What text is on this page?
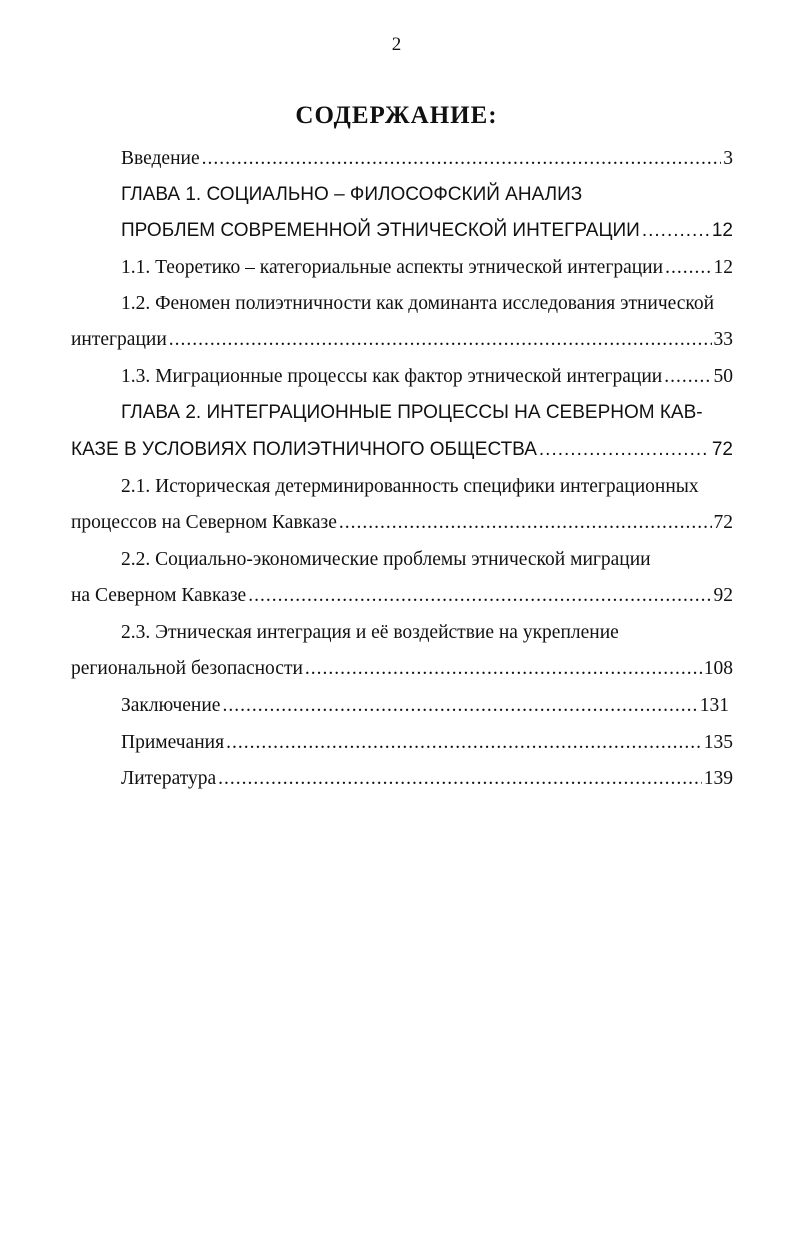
2
СОДЕРЖАНИЕ:
Введение .....	3
ГЛАВА 1. СОЦИАЛЬНО – ФИЛОСОФСКИЙ АНАЛИЗ
ПРОБЛЕМ СОВРЕМЕННОЙ ЭТНИЧЕСКОЙ ИНТЕГРАЦИИ .....	12
1.1. Теоретико – категориальные аспекты этнической интеграции .....	12
1.2. Феномен полиэтничности как доминанта исследования этнической
интеграции .....	33
1.3. Миграционные процессы как фактор этнической интеграции .....	50
ГЛАВА 2. ИНТЕГРАЦИОННЫЕ ПРОЦЕССЫ НА СЕВЕРНОМ КАВ-
КАЗЕ В УСЛОВИЯХ ПОЛИЭТНИЧНОГО ОБЩЕСТВА .....	72
2.1. Историческая детерминированность специфики интеграционных
процессов на Северном Кавказе .....	72
2.2. Социально-экономические проблемы этнической миграции
на Северном Кавказе .....	92
2.3. Этническая интеграция и её воздействие на укрепление
региональной безопасности .....	108
Заключение .....	131
Примечания .....	135
Литература .....	139
